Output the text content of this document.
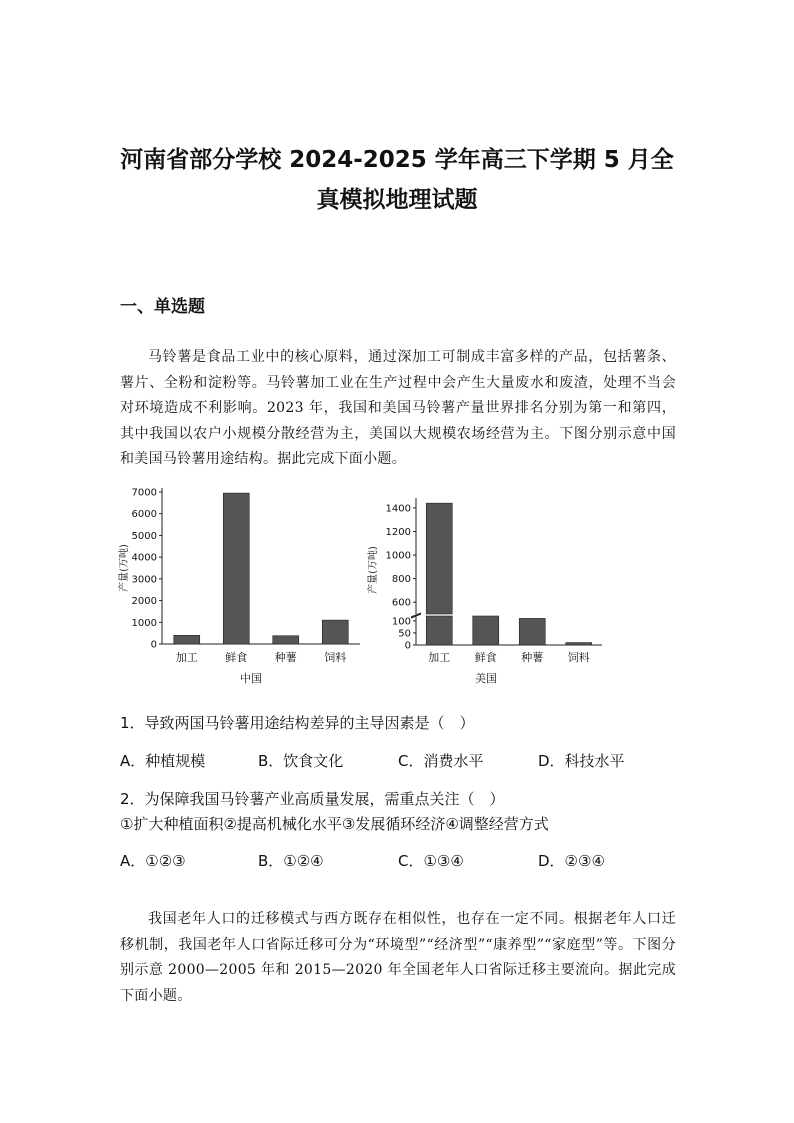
河南省部分学校 2024-2025 学年高三下学期 5 月全
真模拟地理试题
一、单选题
马铃薯是食品工业中的核心原料，通过深加工可制成丰富多样的产品，包括薯条、薯片、全粉和淀粉等。马铃薯加工业在生产过程中会产生大量废水和废渣，处理不当会对环境造成不利影响。2023 年，我国和美国马铃薯产量世界排名分别为第一和第四，其中我国以农户小规模分散经营为主，美国以大规模农场经营为主。下图分别示意中国和美国马铃薯用途结构。据此完成下面小题。
0
1000
2000
3000
4000
5000
6000
7000
加工	鲜食	种薯	饲料
产量(万吨)
中国
0
50
100
600
800
1000
1200
1400
加工 鲜食 种薯 饲料
产量(万吨)
美国
1．导致两国马铃薯用途结构差异的主导因素是（　）
A．种植规模	B．饮食文化	C．消费水平	D．科技水平
2．为保障我国马铃薯产业高质量发展，需重点关注（　）
①扩大种植面积②提高机械化水平③发展循环经济④调整经营方式
A．①②③	B．①②④	C．①③④	D．②③④
我国老年人口的迁移模式与西方既存在相似性，也存在一定不同。根据老年人口迁移机制，我国老年人口省际迁移可分为“环境型”“经济型”“康养型”“家庭型”等。下图分别示意 2000—2005 年和 2015—2020 年全国老年人口省际迁移主要流向。据此完成下面小题。
